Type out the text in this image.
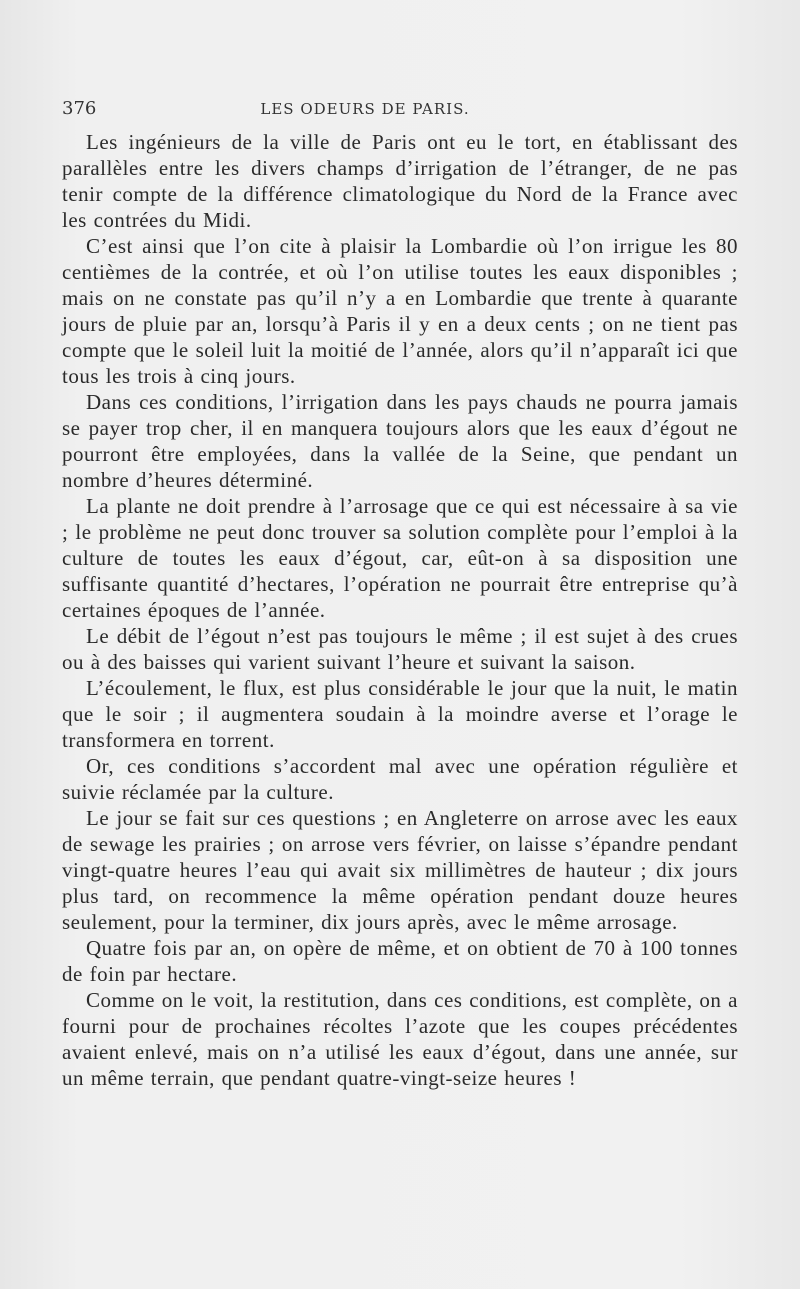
376	LES ODEURS DE PARIS.

Les ingénieurs de la ville de Paris ont eu le tort, en établissant des parallèles entre les divers champs d’irrigation de l’étranger, de ne pas tenir compte de la différence climatologique du Nord de la France avec les contrées du Midi.

C’est ainsi que l’on cite à plaisir la Lombardie où l’on irrigue les 80 centièmes de la contrée, et où l’on utilise toutes les eaux disponibles ; mais on ne constate pas qu’il n’y a en Lombardie que trente à quarante jours de pluie par an, lorsqu’à Paris il y en a deux cents ; on ne tient pas compte que le soleil luit la moitié de l’année, alors qu’il n’apparaît ici que tous les trois à cinq jours.

Dans ces conditions, l’irrigation dans les pays chauds ne pourra jamais se payer trop cher, il en manquera toujours alors que les eaux d’égout ne pourront être employées, dans la vallée de la Seine, que pendant un nombre d’heures déterminé.

La plante ne doit prendre à l’arrosage que ce qui est nécessaire à sa vie ; le problème ne peut donc trouver sa solution complète pour l’emploi à la culture de toutes les eaux d’égout, car, eût-on à sa disposition une suffisante quantité d’hectares, l’opération ne pourrait être entreprise qu’à certaines époques de l’année.

Le débit de l’égout n’est pas toujours le même ; il est sujet à des crues ou à des baisses qui varient suivant l’heure et suivant la saison.

L’écoulement, le flux, est plus considérable le jour que la nuit, le matin que le soir ; il augmentera soudain à la moindre averse et l’orage le transformera en torrent.

Or, ces conditions s’accordent mal avec une opération régulière et suivie réclamée par la culture.

Le jour se fait sur ces questions ; en Angleterre on arrose avec les eaux de sewage les prairies ; on arrose vers février, on laisse s’épandre pendant vingt-quatre heures l’eau qui avait six millimètres de hauteur ; dix jours plus tard, on recommence la même opération pendant douze heures seulement, pour la terminer, dix jours après, avec le même arrosage.

Quatre fois par an, on opère de même, et on obtient de 70 à 100 tonnes de foin par hectare.

Comme on le voit, la restitution, dans ces conditions, est complète, on a fourni pour de prochaines récoltes l’azote que les coupes précédentes avaient enlevé, mais on n’a utilisé les eaux d’égout, dans une année, sur un même terrain, que pendant quatre-vingt-seize heures !
